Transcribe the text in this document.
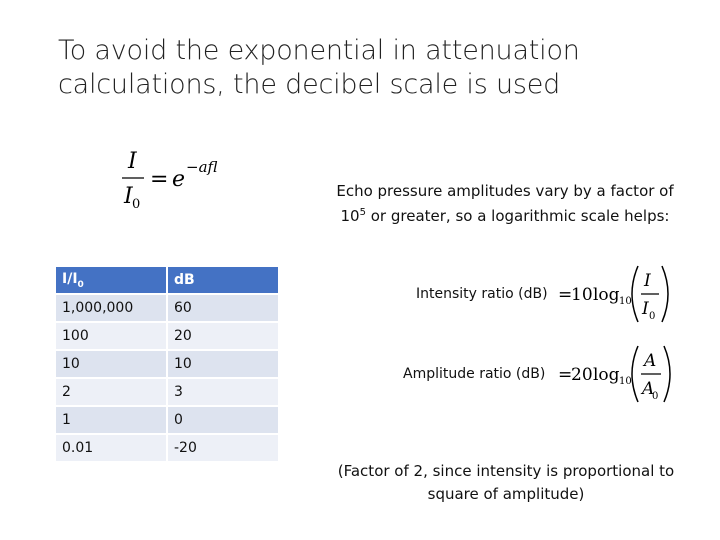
To avoid the exponential in attenuation
calculations, the decibel scale is used
I
I 0
= e −afl
Echo pressure amplitudes vary by a factor of
$10^5$ or greater, so a logarithmic scale helps:
$I/I_0$	dB
1,000,000	60
100	20
10	10
2	3
1	0
0.01	-20
Intensity ratio (dB) =
10 log 10
I
I 0
Amplitude ratio (dB) =
20 log 10
A
A
0
(Factor of 2, since intensity is proportional to
square of amplitude)
